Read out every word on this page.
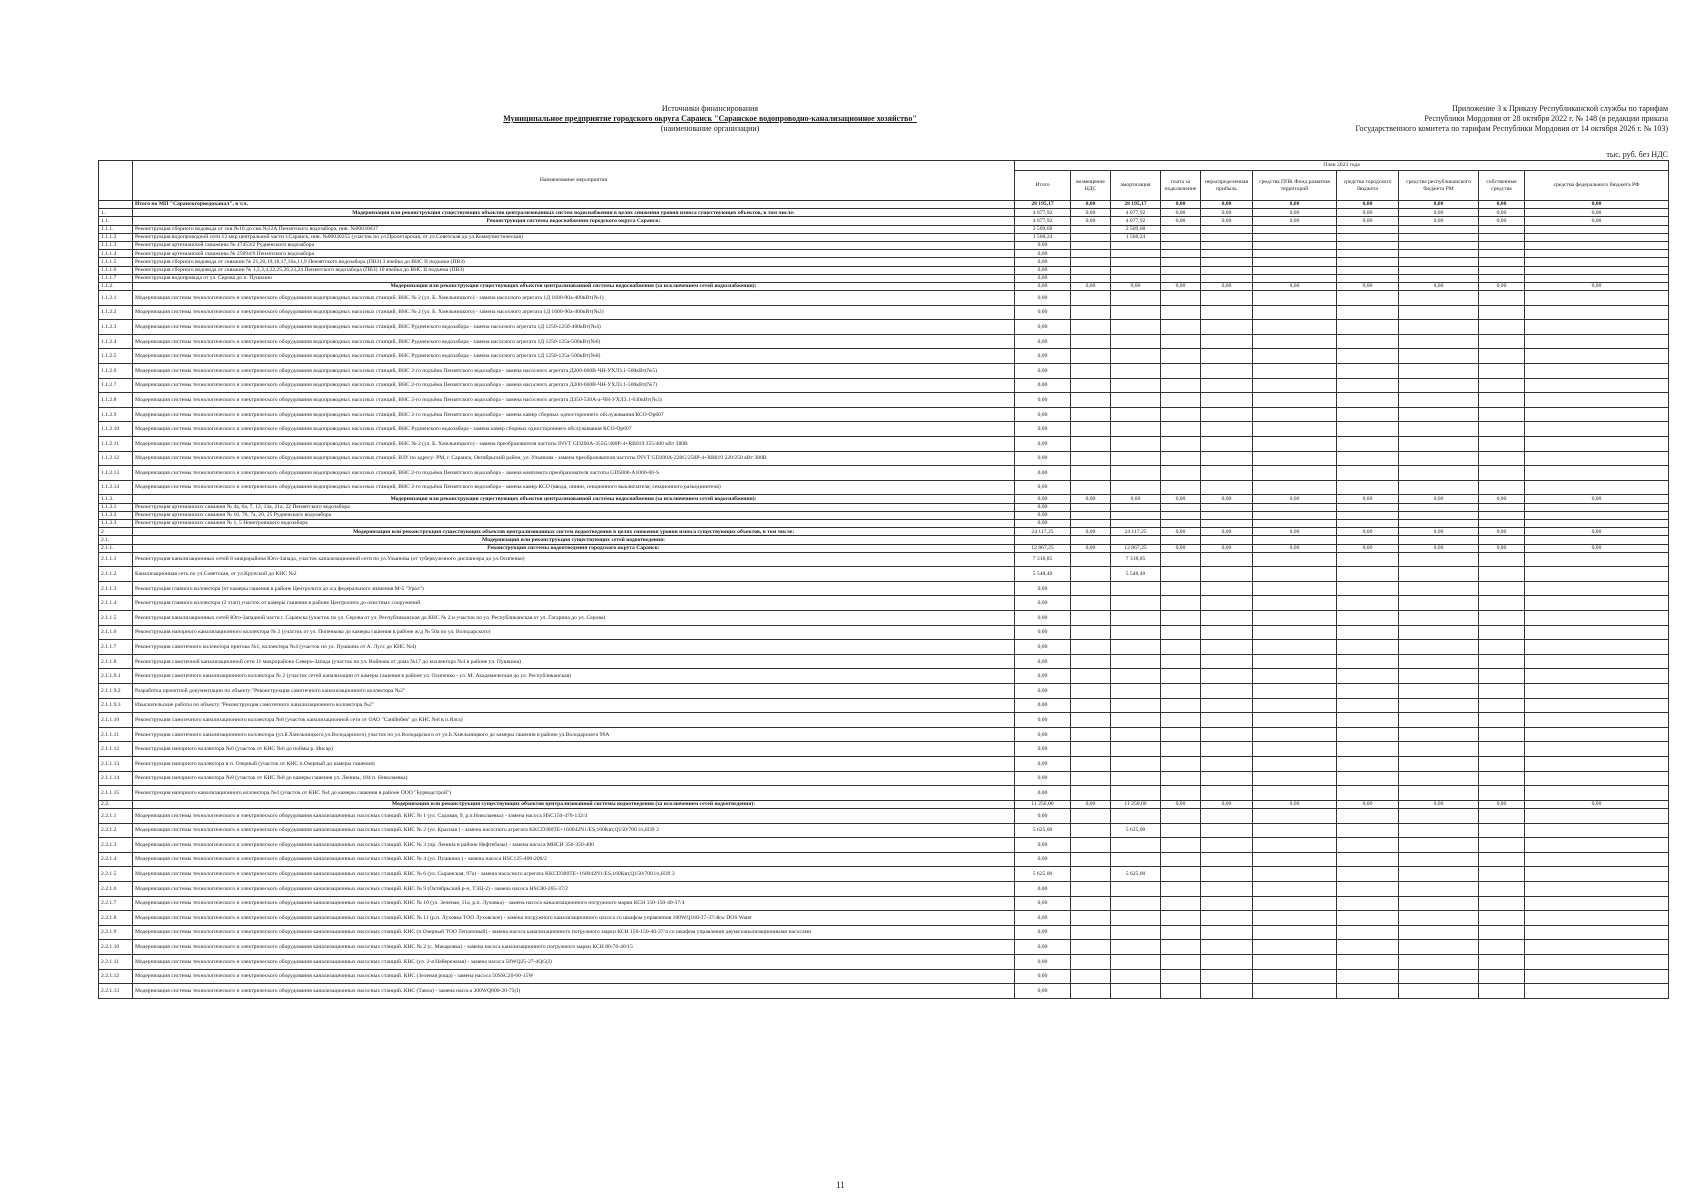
Источники финансирования
Муниципальное предприятие городского округа Саранск "Саранское водопроводно-канализационное хозяйство"
(наименование организации)
Приложение 3 к Приказу Республиканской службы по тарифам
Республики Мордовия от 28 октября 2022 г. № 148 (в редакции приказа
Государственного комитета по тарифам Республики Мордовия от 14 октября 2026 г. № 103)
тыс. руб. без НДС
	Наименование мероприятия	План 2023 года									
		Итого	возмещение НДС	амортизация	плата за подключение	нераспределенная прибыль	средства ППК Фонд развития территорий	средства городского бюджета	средства республиканского бюджета РМ	собственные средства	средства федерального бюджета РФ
	Итого по МП "Саранскгорводоканал", в т.ч.	28 195,17	0,00	28 195,17	0,00	0,00	0,00	0,00	0,00	0,00	0,00
1.	Модернизация или реконструкция существующих объектов централизованных систем водоснабжения в целях снижения уровня износа существующих объектов, в том числе:	4 077,92	0,00	4 077,92	0,00	0,00	0,00	0,00	0,00	0,00	0,00
1.1.	Реконструкция системы водоснабжения городского округа Саранск:	4 077,92	0,00	4 077,92	0,00	0,00	0,00	0,00	0,00	0,00	0,00
1.1.1.	Реконструкция сборного водовода от скв.№10 до скв.№12А Пензятского водозабора, инв. №00030637	2 509,68		2 509,68							
1.1.1.2	Реконструкция водопроводной сети 12 мкр центральной части г.Саранск, инв. №00030255 (участок по ул.Пролетарская, от ул.Советская до ул.Коммунистическая)	1 568,24		1 568,24							
1.1.1.3	Реконструкция артезианской скважины № 47453/2 Рудненского водозабора	0,00									
1.1.1.4	Реконструкция артезианской скважины № 25094/9 Пензятского водозабора	0,00									
1.1.1.5	Реконструкция сборного водовода от скважин № 21,20,19,18,17,16а,11,9 Пензятского водозабора (ПВЗ) 3 ячейка до ВНС II подъема (ПВЗ)	0,00									
1.1.1.6	Реконструкция сборного водовода от скважин № 1,2,3,4,22,25,26,23,24 Пензятского водозабора (ПВЗ) 10 ячейка до ВНС II подъема (ПВЗ)	0,00									
1.1.1.7	Реконструкция водопровода от ул. Серова до п. Пушкино	0,00									
1.1.2.	Модернизация или реконструкция существующих объектов централизованной системы водоснабжения (за исключением сетей водоснабжения):	0,00	0,00	0,00	0,00	0,00	0,00	0,00	0,00	0,00	0,00
1.1.2.1	Модернизация системы технологического и электрического оборудования водопроводных насосных станций, ВНС № 2 (ул. Б. Хмельницкого) - замена насосного агрегата 1Д 1600-90а-400кВт(№1)	0,00									
1.1.2.2	Модернизация системы технологического и электрического оборудования водопроводных насосных станций, ВНС № 2 (ул. Б. Хмельницкого) - замена насосного агрегата 1Д 1600-90а-400кВт(№2)	0,00									
1.1.2.3	Модернизация системы технологического и электрического оборудования водопроводных насосных станций, ВНС Рудненского водозабора - замена насосного агрегата 1Д 1250-125б-400кВт(№4)	0,00									
1.1.2.4	Модернизация системы технологического и электрического оборудования водопроводных насосных станций, ВНС Рудненского водозабора - замена насосного агрегата 1Д 1250-125а-500кВт(№6)	0,00									
1.1.2.5	Модернизация системы технологического и электрического оборудования водопроводных насосных станций, ВНС Рудненского водозабора - замена насосного агрегата 1Д 1250-125а-500кВт(№8)	0,00									
1.1.2.6	Модернизация системы технологического и электрического оборудования водопроводных насосных станций, ВНС 2-го подъёма Пензятского водозабора - замена насосного агрегата Д200-660В-ЧН-УХЛ3.1-500кВт(№5)	0,00									
1.1.2.7	Модернизация системы технологического и электрического оборудования водопроводных насосных станций, ВНС 2-го подъёма Пензятского водозабора - замена насосного агрегата Д200-660В-ЧН-УХЛ3.1-500кВт(№7)	0,00									
1.1.2.8	Модернизация системы технологического и электрического оборудования водопроводных насосных станций, ВНС 2-го подъёма Пензятского водозабора - замена насосного агрегата Д350-530А-а-ЧН-УХЛ3.1-630кВт(№3)	0,00									
1.1.2.9	Модернизация системы технологического и электрического оборудования водопроводных насосных станций, ВНС 2-го подъёма Пензятского водозабора - замена камер сборных одностороннего обслуживания КСО-Ор607	0,00									
1.1.2.10	Модернизация системы технологического и электрического оборудования водопроводных насосных станций, ВНС Рудненского водозабора - замена камер сборных одностороннего обслуживания КСО-Ор607	0,00									
1.1.2.11	Модернизация системы технологического и электрического оборудования водопроводных насосных станций, ВНС № 2 (ул. Б. Хмельницкого) - замена преобразователя частоты INVT GD200A-355G/400P-4+RB019 355/400 кВт 380В	0,00									
1.1.2.12	Модернизация системы технологического и электрического оборудования водопроводных насосных станций, ВЗУ по адресу: РМ, г. Саранск, Октябрьский район, ул. Ульянова - замена преобразователя частоты INVT GD200A-220G/250P-4+RB019 220/250 кВт 380В	0,00									
1.1.2.13	Модернизация системы технологического и электрического оборудования водопроводных насосных станций, ВНС 2-го подъёма Пензятского водозабора - замена комплекта преобразователя частоты GD5000-A1000-06-S	0,00									
1.1.2.14	Модернизация системы технологического и электрического оборудования водопроводных насосных станций, ВНС 2-го подъёма Пензятского водозабора - замена камер КСО (ввода, линии, секционного выключателя, секционного разъединителя)	0,00									
1.1.3.	Модернизация или реконструкция существующих объектов централизованной системы водоснабжения (за исключением сетей водоснабжения):	0,00	0,00	0,00	0,00	0,00	0,00	0,00	0,00	0,00	0,00
1.1.3.1	Реконструкция артезианских скважин № 4а, 6а, 7, 12, 13а, 21а, 22 Пензятского водозабора	0,00									
1.1.3.2	Реконструкция артезианских скважин № 16, 76, 7а, 20, 25 Рудненского водозабора	0,00									
1.1.3.3	Реконструкция артезианских скважин № 1, 5 Новотроицкого водозабора	0,00									
2	Модернизация или реконструкция существующих объектов централизованных систем водоотведения в целях снижения уровня износа существующих объектов, в том числе:	24 117,25	0,00	24 117,25	0,00	0,00	0,00	0,00	0,00	0,00	0,00
2.1.	Модернизация или реконструкция существующих сетей водоотведения:										
2.1.1.	Реконструкция системы водоотведения городского округа Саранск:	12 867,25	0,00	12 867,25	0,00	0,00	0,00	0,00	0,00	0,00	0,00
2.1.1.1	Реконструкция канализационных сетей 8 микрорайона Юго-Запада, участок канализационной сети по ул.Ульянова (от туберкулезного диспансера до ул.Осипенко)	7 318,85		7 318,85							
2.1.1.2	Канализационная сеть по ул.Советская, от ул.Крупской до КНС №2	5 548,40		5 548,40							
2.1.1.3	Реконструкция главного коллектора (от камеры гашения в районе Центролита до а/д федерального значения М-5 "Урал")	0,00									
2.1.1.4	Реконструкция главного коллектора (2 этап) участок от камеры гашения в районе Центролита до очистных сооружений	0,00									
2.1.1.5	Реконструкция канализационных сетей Юго-Западной части г. Саранска (участок по ул. Серова от ул. Республиканская до КНС № 2 и участок по ул. Республиканская от ул. Гагарина до ул. Серова)	0,00									
2.1.1.6	Реконструкция напорного канализационного коллектора № 2 (участок от ул. Попенкова до камеры гашения в районе ж/д № 50а по ул. Володарского)	0,00									
2.1.1.7	Реконструкция самотечного коллектора притока №1, коллектора №4 (участок по ул. Пушкина от А. Лусс до КНС №4)	0,00									
2.1.1.8	Реконструкция самотечной канализационной сети 11 микрорайона Северо-Запада (участок по ул. Войнова от дома №17 до коллектора №4 в районе ул. Пушкина)	0,00									
2.1.1.9.1	Реконструкция самотечного канализационного коллектора № 2 (участок сетей канализации от камеры гашения в районе ул. Осипенко - ул. М. Академическая до ул. Республиканская)	0,00									
2.1.1.9.2	Разработка проектной документации по объекту:"Реконструкция самотечного канализационного коллектора №2"	0,00									
2.1.1.9.3	Изыскательские работы по объекту:"Реконструкция самотечного канализационного коллектора №2"	0,00									
2.1.1.10	Реконструкция самотечного канализационного коллектора №8 (участок канализационной сети от ОАО "СанИнбев" до КНС №8 в п.Ялга)	0,00									
2.1.1.11	Реконструкция самотечного канализационного коллектора (ул.Б.Хмельницкого,ул.Володарского) участок по ул.Володарского от ул.Б.Хмельницкого до камеры гашения в районе ул.Володарского 99А	0,00									
2.1.1.12	Реконструкция напорного коллектора №6 (участок от КНС №6 до поймы р. Инсар)	0,00									
2.1.1.13	Реконструкция напорного коллектора в п. Озерный (участок от КНС п.Озерный до камеры гашения)	0,00									
2.1.1.14	Реконструкция напорного коллектора №8 (участок от КНС №8 до камеры гашения ул. Ленина, 184 п. Николаевка)	0,00									
2.1.1.15	Реконструкция напорного канализационного коллектора №4 (участок от КНС №4 до камеры гашения в районе ООО "Бурводстрой")	0,00									
2.2.	Модернизация или реконструкция существующих объектов централизованной системы водоотведения (за исключением сетей водоотведения):	11 250,00	0,00	11 250,00	0,00	0,00	0,00	0,00	0,00	0,00	0,00
2.2.1.1	Модернизация системы технологического и электрического оборудования канализационных насосных станций. КНС № 1 (ул. Садовая, 9, р.п.Николаевка) - замена насоса HSC150-470-132/4	0,00									
2.2.1.2	Модернизация системы технологического и электрического оборудования канализационных насосных станций. КНС № 2 (ул. Красная ) - замена насосного агрегата KKCD300TE+160042N1/ES,160Квт,Q150/700 l/s,H39 3	5 625,00		5 625,00							
2.2.1.3	Модернизация системы технологического и электрического оборудования канализационных насосных станций. КНС № 3 (пр. Ленина в районе Нефтебазы) - замена насоса МНСИ 350-350-400	0,00									
2.2.1.4	Модернизация системы технологического и электрического оборудования канализационных насосных станций. КНС № 4 (ул. Пушкина ) - замена насоса HSC125-400-200/2	0,00									
2.2.1.5	Модернизация системы технологического и электрического оборудования канализационных насосных станций. КНС № 6 (ул. Сыранская, 97а) - замена насосного агрегата KKCD300TE+160042N1/ES,160Квт,Q150/700 l/s,H39 3	5 625,00		5 625,00							
2.2.1.6	Модернизация системы технологического и электрического оборудования канализационных насосных станций. КНС № 9 (Октябрьский р-н, ТЭЦ-2) - замена насоса HSC80-265-37/2	0,00									
2.2.1.7	Модернизация системы технологического и электрического оборудования канализационных насосных станций. КНС № 10 (ул. Зеленая, 11а, р.п. Луховка) - замена насоса канализационного погружного марки КСН 150-150-40-37/4	0,00									
2.2.1.8	Модернизация системы технологического и электрического оборудования канализационных насосных станций. КНС № 11 (р.п. Луховка ТОО Луховское) - замена погружного канализационного насоса со шкафом управления 100WQ160-37-37/4kw DOS Water	0,00									
2.2.1.9	Модернизация системы технологического и электрического оборудования канализационных насосных станций. КНС (п.Озерный ТОО Тепличный) - замена насоса канализационного погружного марки КСН 150-150-40-37/4 со шкафом управления двумя канализационными насосами	0,00									
2.2.1.10	Модернизация системы технологического и электрического оборудования канализационных насосных станций. КНС № 2 (с. Макаровка) - замена насоса канализационного погружного марки КСН 80-70-40/15	0,00									
2.2.1.11	Модернизация системы технологического и электрического оборудования канализационных насосных станций. КНС (ул. 2-я Набережная) - замена насоса 50WQ25-27-4QG(I)	0,00									
2.2.1.12	Модернизация системы технологического и электрического оборудования канализационных насосных станций. КНС (Зеленая роща) - замена насоса 50SSC20-60-15W	0,00									
2.2.1.13	Модернизация системы технологического и электрического оборудования канализационных насосных станций. КНС (Тавла) - замена насоса 300WQ800-20-75(I)	0,00									
11
